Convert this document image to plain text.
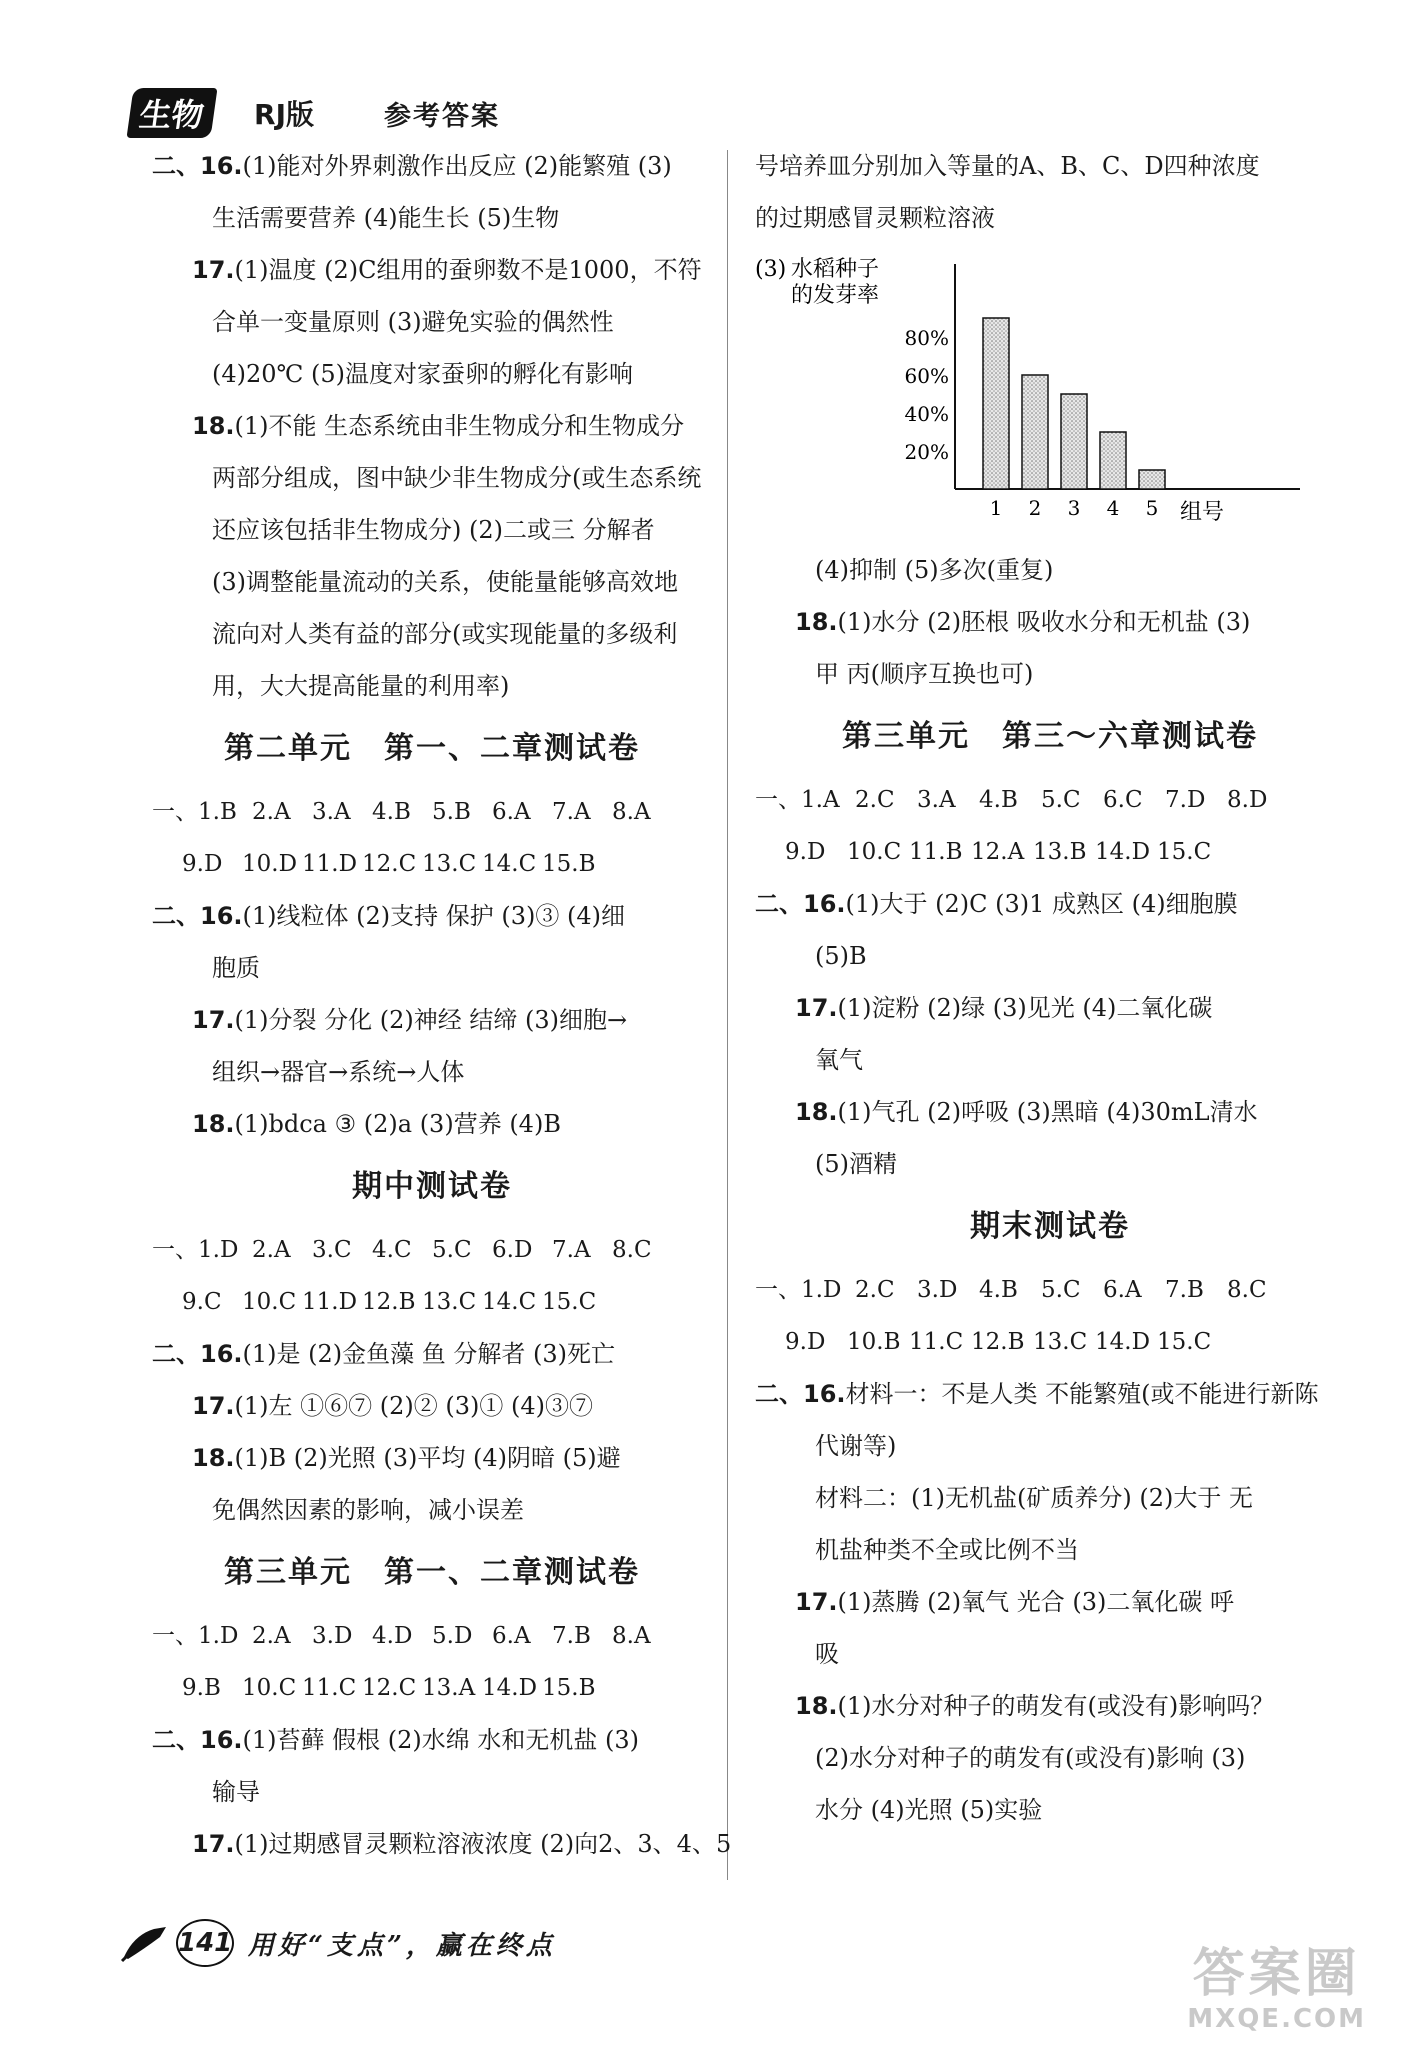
生物	RJ版	参考答案
二、16.(1)能对外界刺激作出反应 (2)能繁殖 (3)
生活需要营养 (4)能生长 (5)生物
17.(1)温度 (2)C组用的蚕卵数不是1000，不符
合单一变量原则 (3)避免实验的偶然性
(4)20℃ (5)温度对家蚕卵的孵化有影响
18.(1)不能 生态系统由非生物成分和生物成分
两部分组成，图中缺少非生物成分(或生态系统
还应该包括非生物成分) (2)二或三 分解者
(3)调整能量流动的关系，使能量能够高效地
流向对人类有益的部分(或实现能量的多级利
用，大大提高能量的利用率)
第二单元　第一、二章测试卷
一、1.B 2.A 3.A 4.B 5.B 6.A 7.A 8.A
9.D 10.D 11.D 12.C 13.C 14.C 15.B
二、16.(1)线粒体 (2)支持 保护 (3)③ (4)细
胞质
17.(1)分裂 分化 (2)神经 结缔 (3)细胞→
组织→器官→系统→人体
18.(1)bdca ③ (2)a (3)营养 (4)B
期中测试卷
一、1.D 2.A 3.C 4.C 5.C 6.D 7.A 8.C
9.C 10.C 11.D 12.B 13.C 14.C 15.C
二、16.(1)是 (2)金鱼藻 鱼 分解者 (3)死亡
17.(1)左 ①⑥⑦ (2)② (3)① (4)③⑦
18.(1)B (2)光照 (3)平均 (4)阴暗 (5)避
免偶然因素的影响，减小误差
第三单元　第一、二章测试卷
一、1.D 2.A 3.D 4.D 5.D 6.A 7.B 8.A
9.B 10.C 11.C 12.C 13.A 14.D 15.B
二、16.(1)苔藓 假根 (2)水绵 水和无机盐 (3)
输导
17.(1)过期感冒灵颗粒溶液浓度 (2)向2、3、4、5
号培养皿分别加入等量的A、B、C、D四种浓度
的过期感冒灵颗粒溶液
(3) 水稻种子
的发芽率
20%
40%
60%
80%
1 2 3 4 5 组号
(4)抑制 (5)多次(重复)
18.(1)水分 (2)胚根 吸收水分和无机盐 (3)
甲 丙(顺序互换也可)
第三单元　第三～六章测试卷
一、1.A 2.C 3.A	4.B	5.C 6.C 7.D 8.D
9.D 10.C 11.B 12.A 13.B 14.D 15.C
二、16.(1)大于 (2)C (3)1 成熟区 (4)细胞膜
(5)B
17.(1)淀粉 (2)绿 (3)见光 (4)二氧化碳
氧气
18.(1)气孔 (2)呼吸 (3)黑暗 (4)30mL清水
(5)酒精
期末测试卷
一、1.D 2.C 3.D 4.B	5.C 6.A	7.B	8.C
9.D 10.B 11.C 12.B 13.C 14.D 15.C
二、16.材料一：不是人类 不能繁殖(或不能进行新陈
代谢等)
材料二：(1)无机盐(矿质养分) (2)大于 无
机盐种类不全或比例不当
17.(1)蒸腾 (2)氧气 光合 (3)二氧化碳 呼
吸
18.(1)水分对种子的萌发有(或没有)影响吗？
(2)水分对种子的萌发有(或没有)影响 (3)
水分 (4)光照 (5)实验
141 用好“支点”，赢在终点	答案圈
MXQE.COM
